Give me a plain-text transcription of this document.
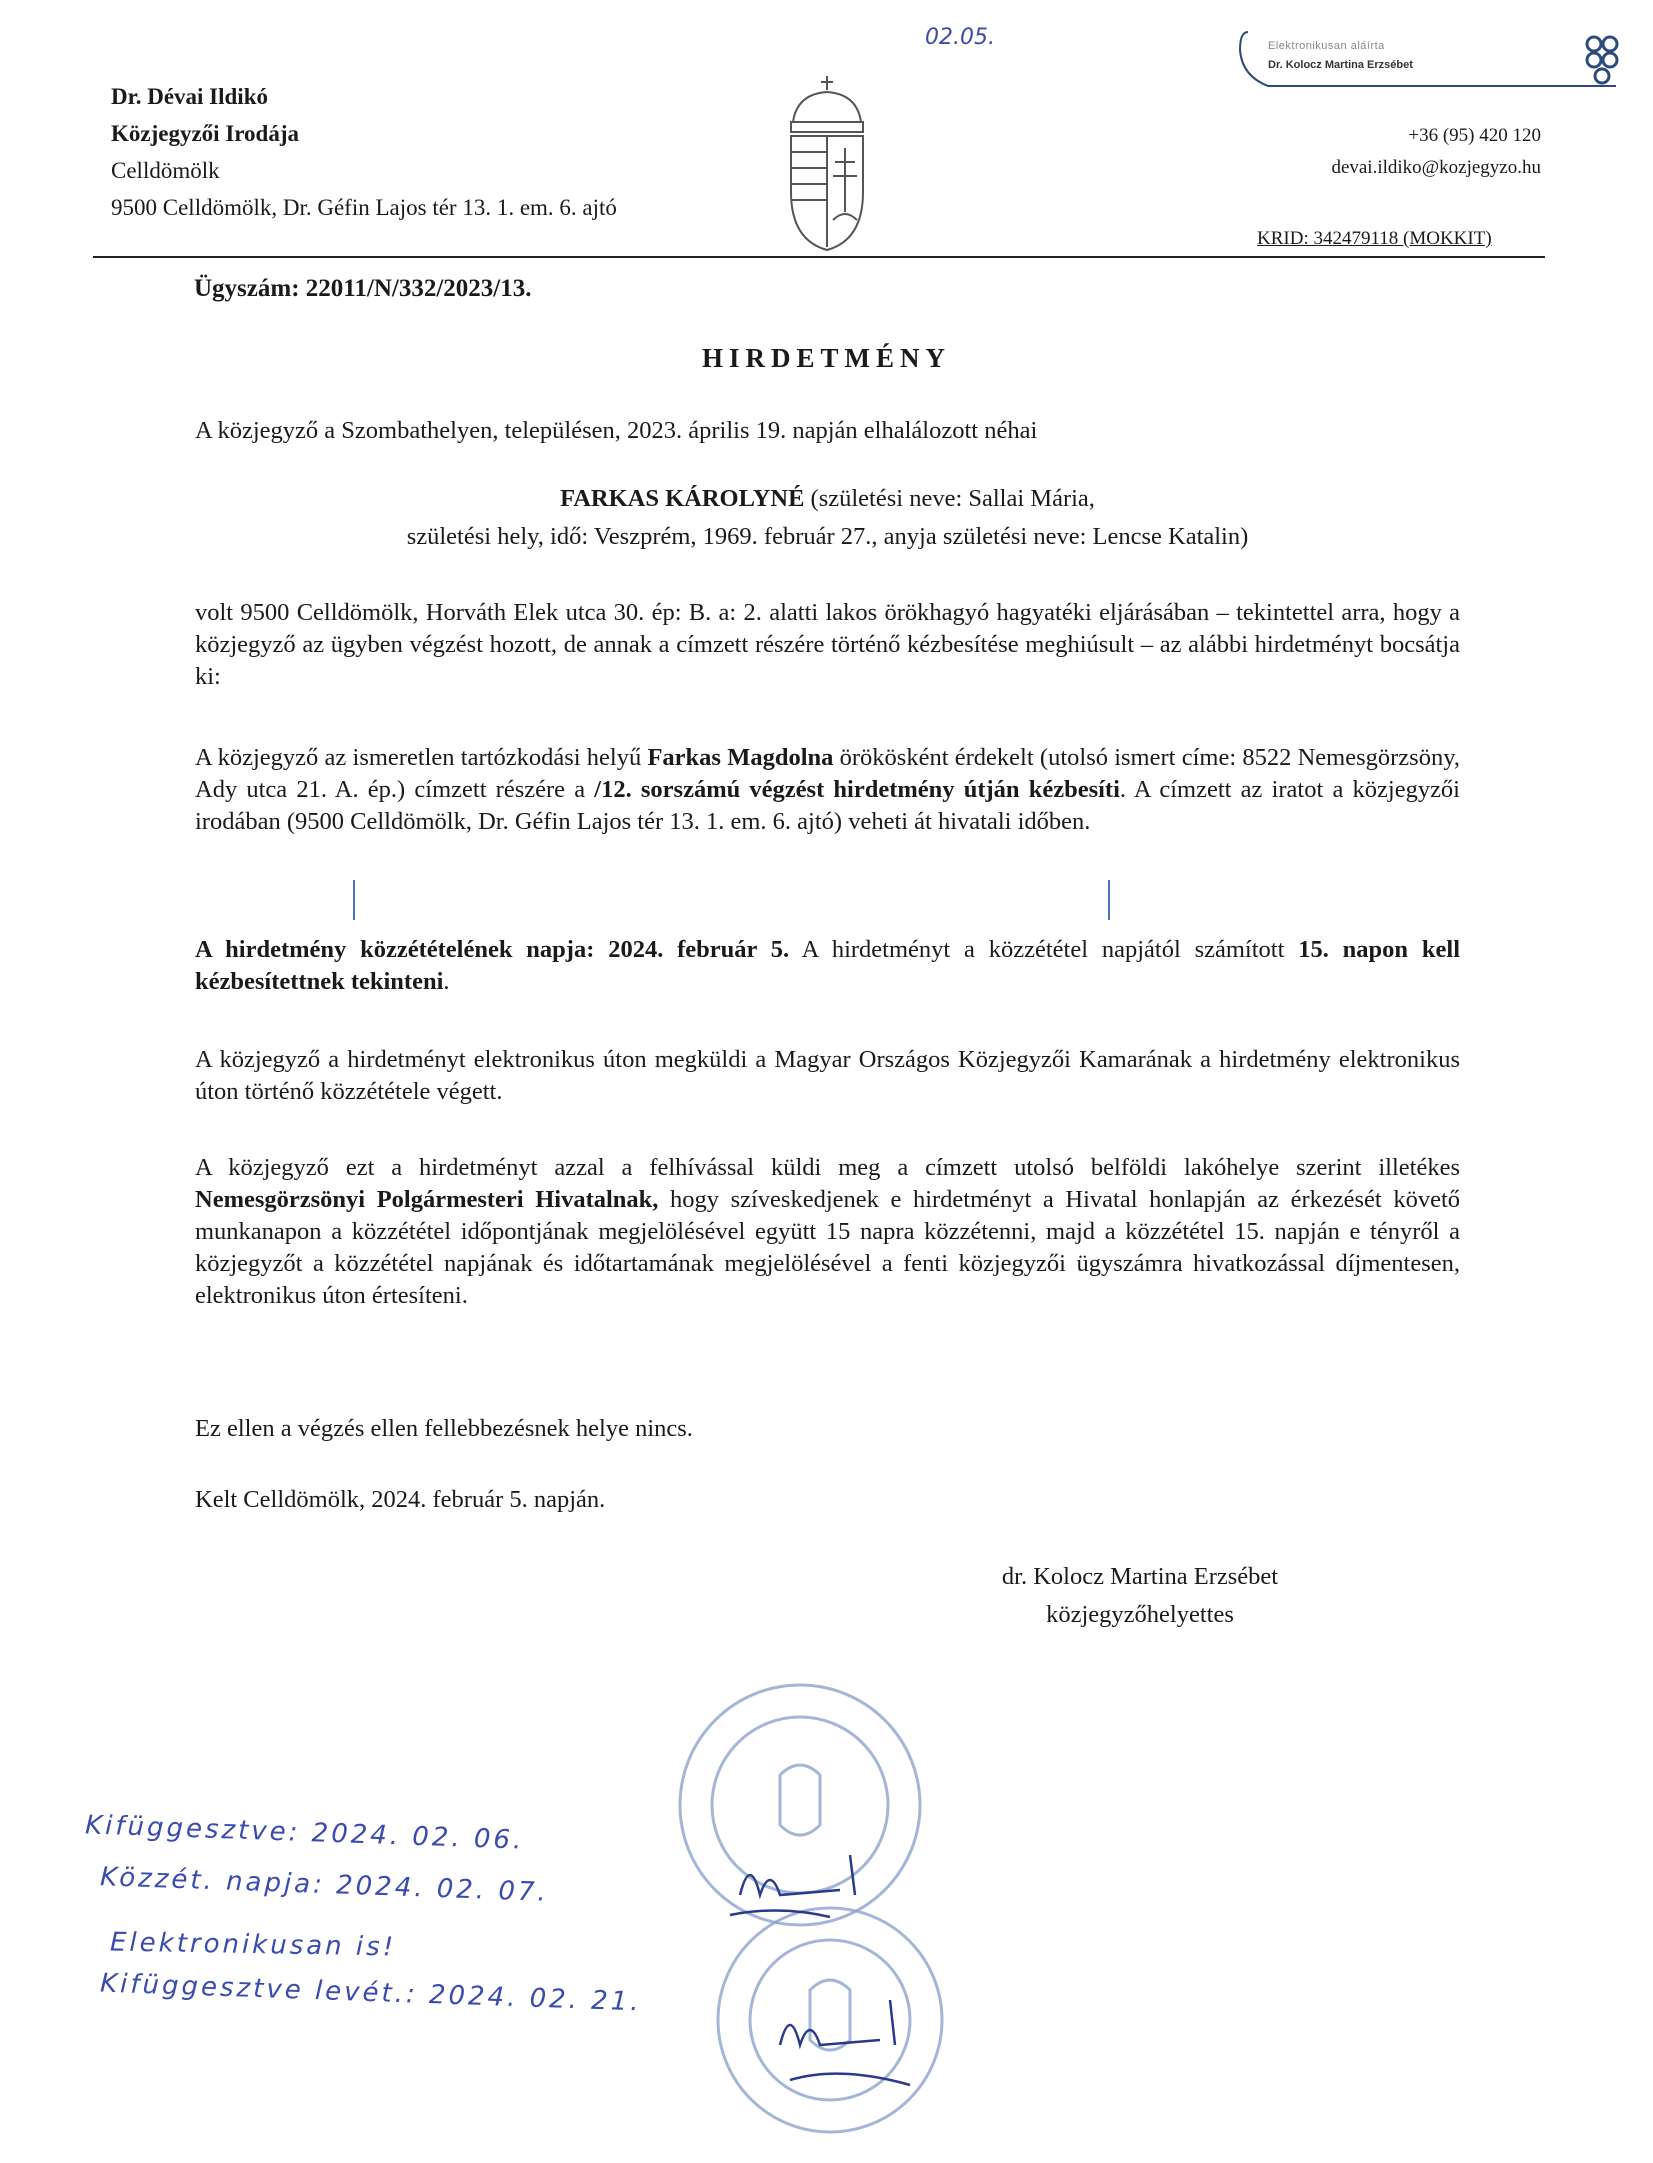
Dr. Dévai Ildikó
Közjegyzői Irodája
Celldömölk
9500 Celldömölk, Dr. Géfin Lajos tér 13. 1. em. 6. ajtó
Elektronikusan aláírta
Dr. Kolocz Martina Erzsébet
02.05.
+36 (95) 420 120
devai.ildiko@kozjegyzo.hu
KRID: 342479118 (MOKKIT)
Ügyszám: 22011/N/332/2023/13.
HIRDETMÉNY
A közjegyző a Szombathelyen, településen, 2023. április 19. napján elhalálozott néhai
FARKAS KÁROLYNÉ (születési neve: Sallai Mária,
születési hely, idő: Veszprém, 1969. február 27., anyja születési neve: Lencse Katalin)
volt 9500 Celldömölk, Horváth Elek utca 30. ép: B. a: 2. alatti lakos örökhagyó hagyatéki eljárásában – tekintettel arra, hogy a közjegyző az ügyben végzést hozott, de annak a címzett részére történő kézbesítése meghiúsult – az alábbi hirdetményt bocsátja ki:
A közjegyző az ismeretlen tartózkodási helyű Farkas Magdolna örökösként érdekelt (utolsó ismert címe: 8522 Nemesgörzsöny, Ady utca 21. A. ép.) címzett részére a /12. sorszámú végzést hirdetmény útján kézbesíti. A címzett az iratot a közjegyzői irodában (9500 Celldömölk, Dr. Géfin Lajos tér 13. 1. em. 6. ajtó) veheti át hivatali időben.
A hirdetmény közzétételének napja: 2024. február 5. A hirdetményt a közzététel napjától számított 15. napon kell kézbesítettnek tekinteni.
A közjegyző a hirdetményt elektronikus úton megküldi a Magyar Országos Közjegyzői Kamarának a hirdetmény elektronikus úton történő közzététele végett.
A közjegyző ezt a hirdetményt azzal a felhívással küldi meg a címzett utolsó belföldi lakóhelye szerint illetékes Nemesgörzsönyi Polgármesteri Hivatalnak, hogy szíveskedjenek e hirdetményt a Hivatal honlapján az érkezését követő munkanapon a közzététel időpontjának megjelölésével együtt 15 napra közzétenni, majd a közzététel 15. napján e tényről a közjegyzőt a közzététel napjának és időtartamának megjelölésével a fenti közjegyzői ügyszámra hivatkozással díjmentesen, elektronikus úton értesíteni.
Ez ellen a végzés ellen fellebbezésnek helye nincs.
Kelt Celldömölk, 2024. február 5. napján.
dr. Kolocz Martina Erzsébet
közjegyzőhelyettes
Kifüggesztve: 2024. 02. 06.
Közzét. napja: 2024. 02. 07.
Elektronikusan is!
Kifüggesztve levét.: 2024. 02. 21.
